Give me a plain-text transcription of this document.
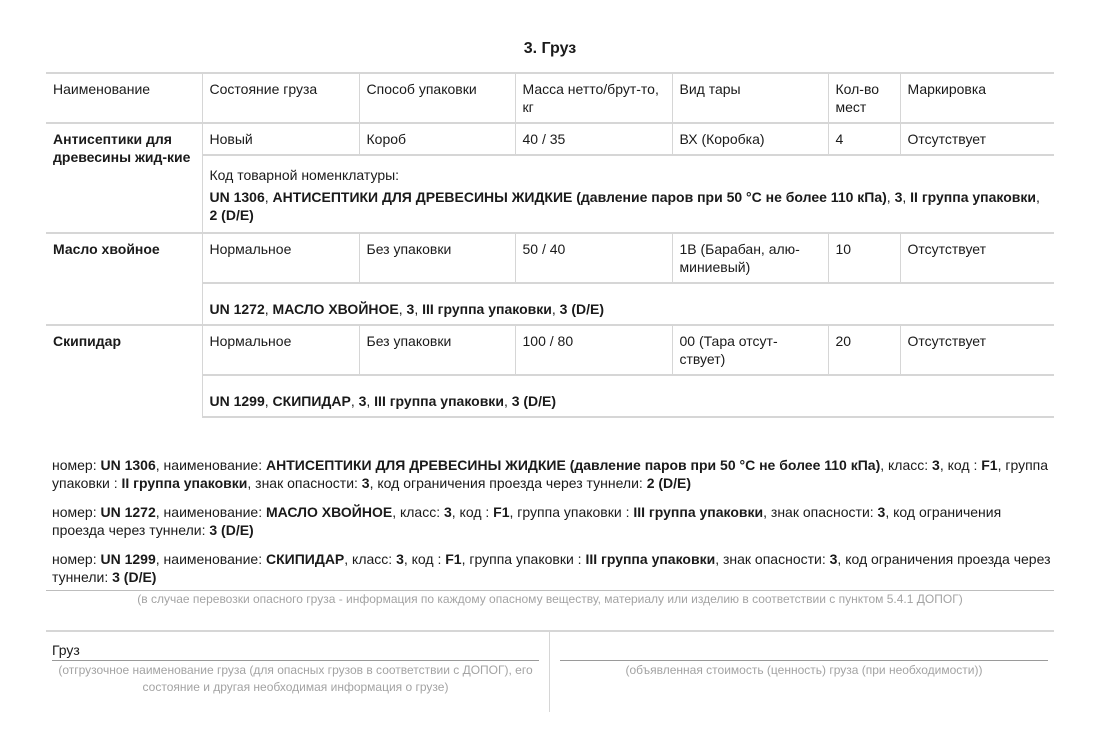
3. Груз
Наименование	Состояние груза	Способ упаковки	Масса нетто/брут-то, кг	Вид тары	Кол-во мест	Маркировка
Антисептики для древесины жид-кие	Новый	Короб	40 / 35	ВХ (Коробка)	4	Отсутствует

	Код товарной номенклатуры:
UN 1306, АНТИСЕПТИКИ ДЛЯ ДРЕВЕСИНЫ ЖИДКИЕ (давление паров при 50 °С не более 110 кПа), 3, II группа упаковки, 2 (D/E)					
Масло хвойное	Нормальное	Без упаковки	50 / 40	1В (Барабан, алю-миниевый)	10	Отсутствует
	UN 1272, МАСЛО ХВОЙНОЕ, 3, III группа упаковки, 3 (D/E)					
Скипидар	Нормальное	Без упаковки	100 / 80	00 (Тара отсут-ствует)	20	Отсутствует
	UN 1299, СКИПИДАР, 3, III группа упаковки, 3 (D/E)					
номер: UN 1306, наименование: АНТИСЕПТИКИ ДЛЯ ДРЕВЕСИНЫ ЖИДКИЕ (давление паров при 50 °С не более 110 кПа), класс: 3, код : F1, группа упаковки : II группа упаковки, знак опасности: 3, код ограничения проезда через туннели: 2 (D/E)
номер: UN 1272, наименование: МАСЛО ХВОЙНОЕ, класс: 3, код : F1, группа упаковки : III группа упаковки, знак опасности: 3, код ограничения проезда через туннели: 3 (D/E)
номер: UN 1299, наименование: СКИПИДАР, класс: 3, код : F1, группа упаковки : III группа упаковки, знак опасности: 3, код ограничения проезда через туннели: 3 (D/E)
(в случае перевозки опасного груза - информация по каждому опасному веществу, материалу или изделию в соответствии с пунктом 5.4.1 ДОПОГ)
Груз
(отгрузочное наименование груза (для опасных грузов в соответствии с ДОПОГ), его состояние и другая необходимая информация о грузе)
(объявленная стоимость (ценность) груза (при необходимости))
